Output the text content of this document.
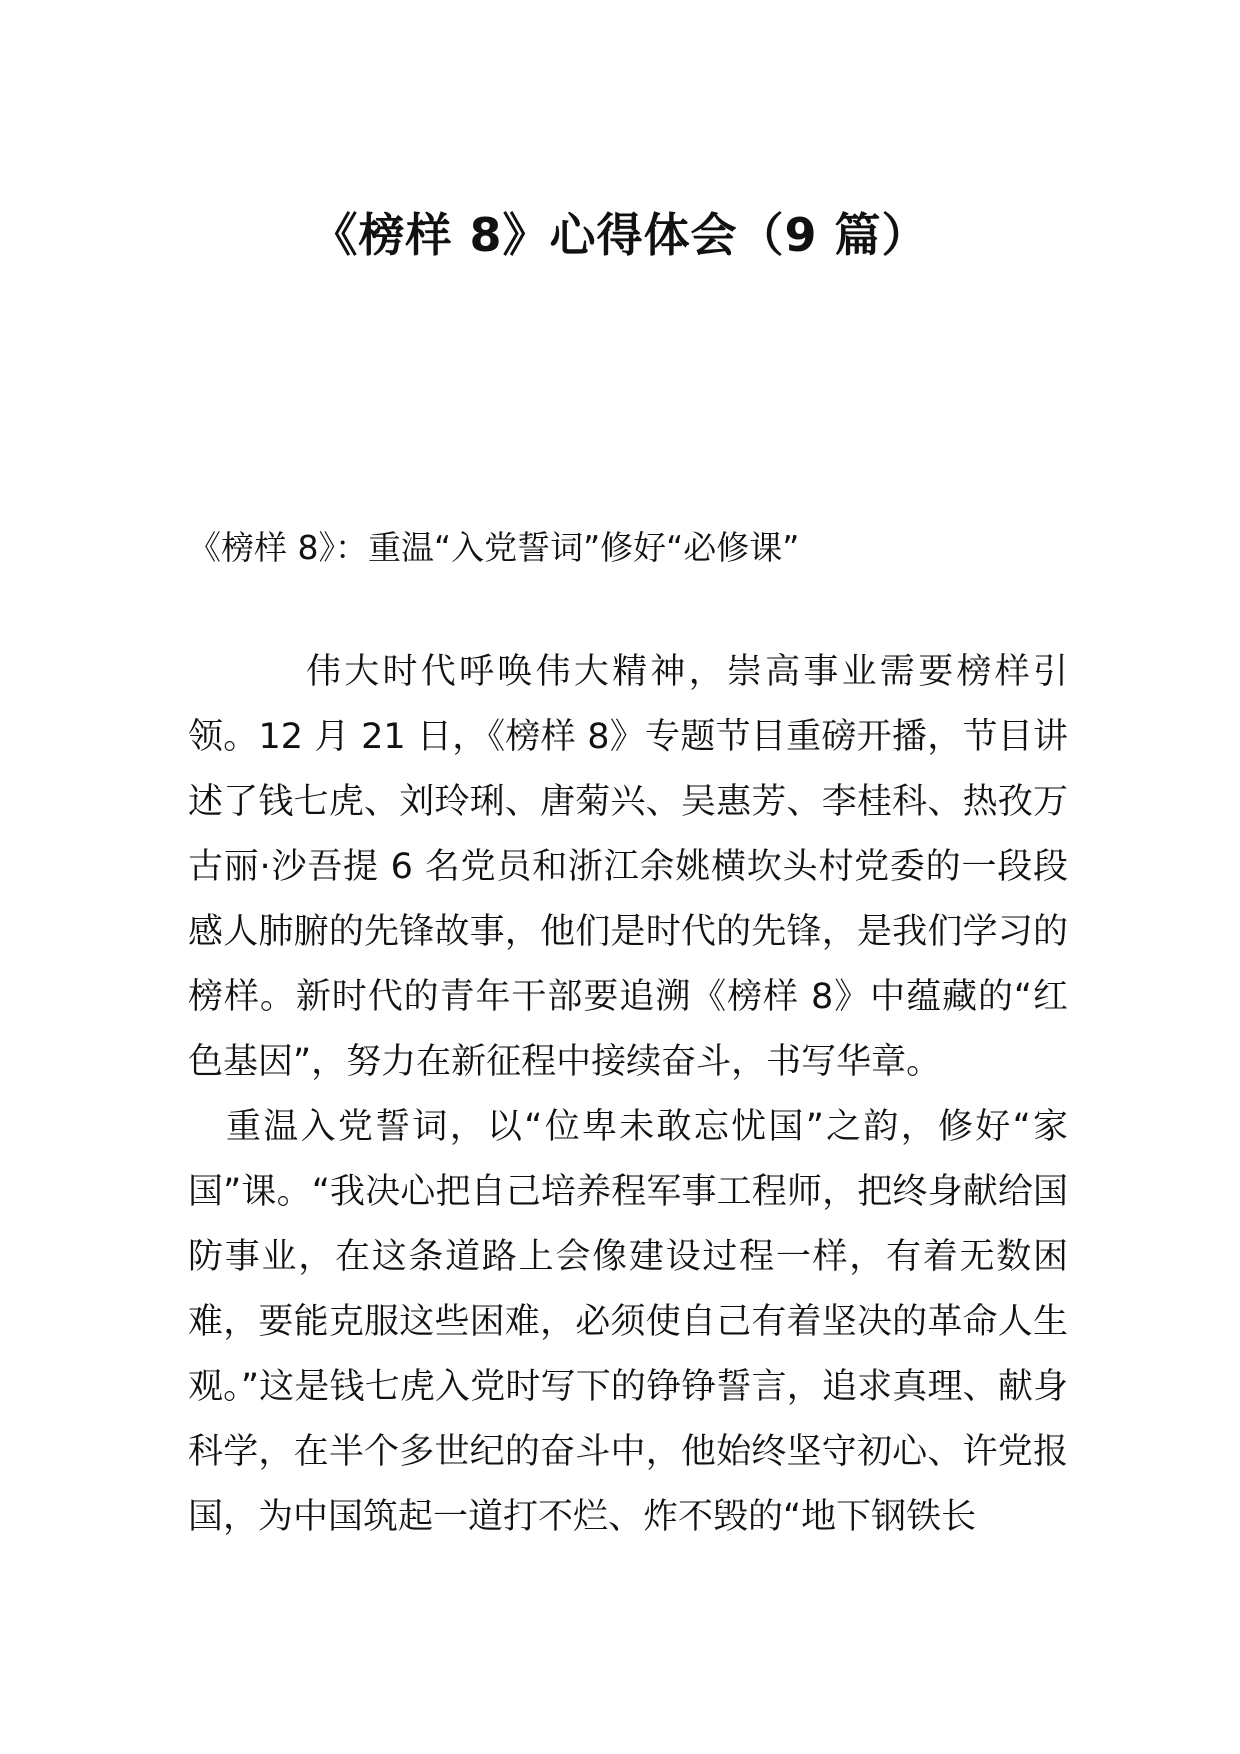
《榜样 8》心得体会（9 篇）
《榜样 8》：重温“入党誓词”修好“必修课”

伟大时代呼唤伟大精神，崇高事业需要榜样引领。12 月 21 日，《榜样 8》专题节目重磅开播，节目讲述了钱七虎、刘玲琍、唐菊兴、吴惠芳、李桂科、热孜万古丽·沙吾提 6 名党员和浙江余姚横坎头村党委的一段段感人肺腑的先锋故事，他们是时代的先锋，是我们学习的榜样。新时代的青年干部要追溯《榜样 8》中蕴藏的“红色基因”，努力在新征程中接续奋斗，书写华章。

重温入党誓词，以“位卑未敢忘忧国”之韵，修好“家国”课。“我决心把自己培养程军事工程师，把终身献给国防事业，在这条道路上会像建设过程一样，有着无数困难，要能克服这些困难，必须使自己有着坚决的革命人生观。”这是钱七虎入党时写下的铮铮誓言，追求真理、献身科学，在半个多世纪的奋斗中，他始终坚守初心、许党报国，为中国筑起一道打不烂、炸不毁的“地下钢铁长
